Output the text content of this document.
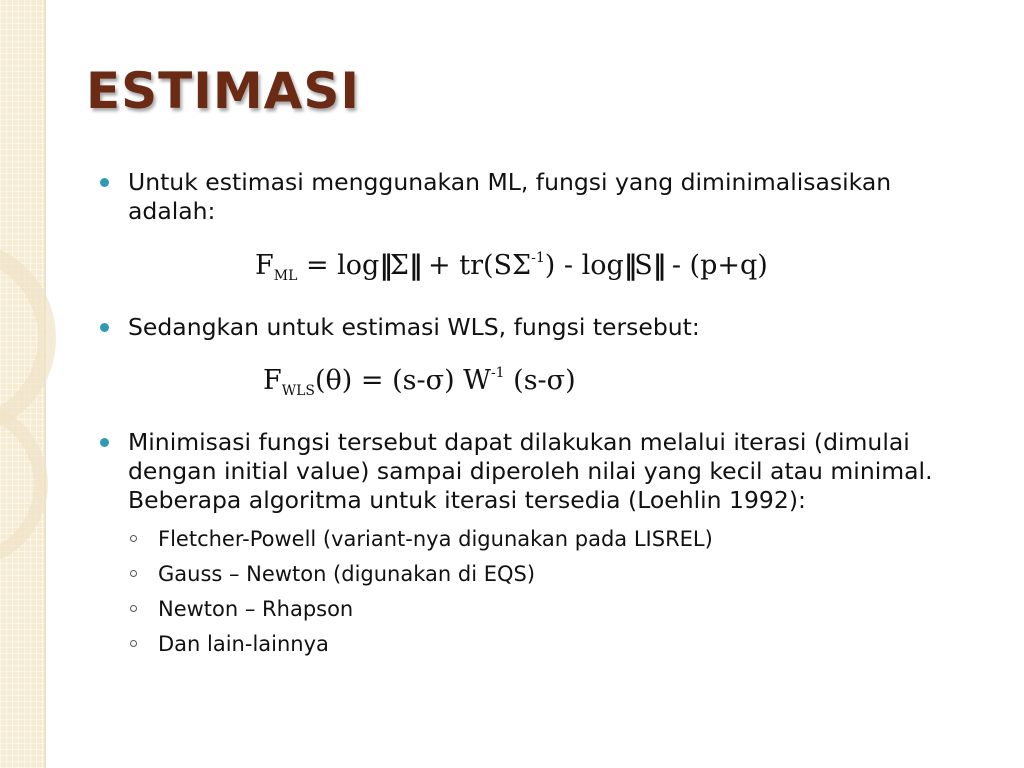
ESTIMASI
Untuk estimasi menggunakan ML, fungsi yang diminimalisasikan adalah:
$F_{ML}$ = log‖Σ‖ + $tr(S\Sigma^{-1})$ - log‖S‖ - (p+q)
Sedangkan untuk estimasi WLS, fungsi tersebut:
$F_{WLS}(\theta) = (s-\sigma)$ $W^{-1}$ (s-σ)
Minimisasi fungsi tersebut dapat dilakukan melalui iterasi (dimulai dengan initial value) sampai diperoleh nilai yang kecil atau minimal. Beberapa algoritma untuk iterasi tersedia (Loehlin 1992):
Fletcher-Powell (variant-nya digunakan pada LISREL)
Gauss – Newton (digunakan di EQS)
Newton – Rhapson
Dan lain-lainnya
